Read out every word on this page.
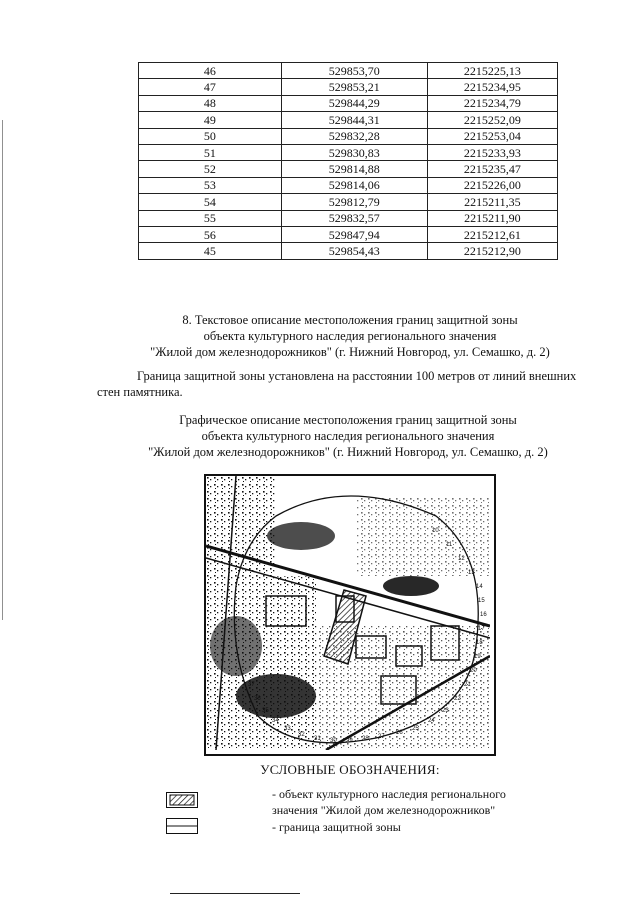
46	529853,70	2215225,13
47	529853,21	2215234,95
48	529844,29	2215234,79
49	529844,31	2215252,09
50	529832,28	2215253,04
51	529830,83	2215233,93
52	529814,88	2215235,47
53	529814,06	2215226,00
54	529812,79	2215211,35
55	529832,57	2215211,90
56	529847,94	2215212,61
45	529854,43	2215212,90
8. Текстовое описание местоположения границ защитной зоны
объекта культурного наследия регионального значения
"Жилой дом железнодорожников" (г. Нижний Новгород, ул. Семашко, д. 2)
Граница защитной зоны установлена на расстоянии 100 метров от линий внешних
стен памятника.
Графическое описание местоположения границ защитной зоны
объекта культурного наследия регионального значения
"Жилой дом железнодорожников" (г. Нижний Новгород, ул. Семашко, д. 2)
10
11
12
13
14
15
16
17
18
19
20
21
22
23
24
25
26
27
28
29
30
31
32
33
34
35
36
37
УСЛОВНЫЕ ОБОЗНАЧЕНИЯ:
- объект культурного наследия регионального
значения "Жилой дом железнодорожников"
- граница защитной зоны
